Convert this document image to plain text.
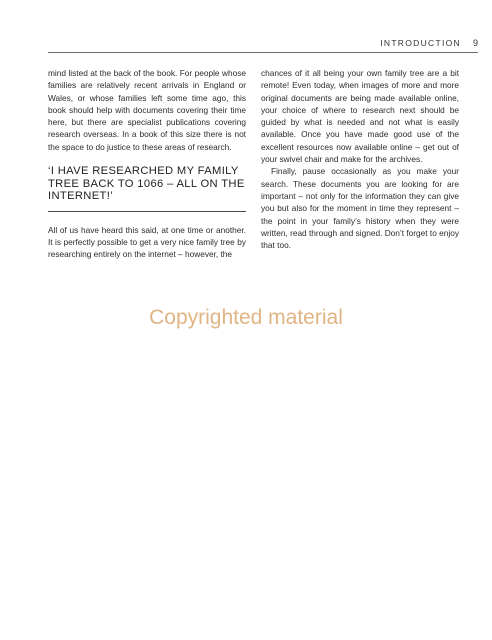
INTRODUCTION 9

mind listed at the back of the book. For people whose families are relatively recent arrivals in England or Wales, or whose families left some time ago, this book should help with documents covering their time here, but there are specialist publications covering research overseas. In a book of this size there is not the space to do justice to these areas of research.

‘I HAVE RESEARCHED MY FAMILY TREE BACK TO 1066 – ALL ON THE INTERNET!’

All of us have heard this said, at one time or another. It is perfectly possible to get a very nice family tree by researching entirely on the internet – however, the

chances of it all being your own family tree are a bit remote! Even today, when images of more and more original documents are being made available online, your choice of where to research next should be guided by what is needed and not what is easily available. Once you have made good use of the excellent resources now available online – get out of your swivel chair and make for the archives.

Finally, pause occasionally as you make your search. These documents you are looking for are important – not only for the information they can give you but also for the moment in time they represent – the point in your family’s history when they were written, read through and signed. Don’t forget to enjoy that too.

Copyrighted material
